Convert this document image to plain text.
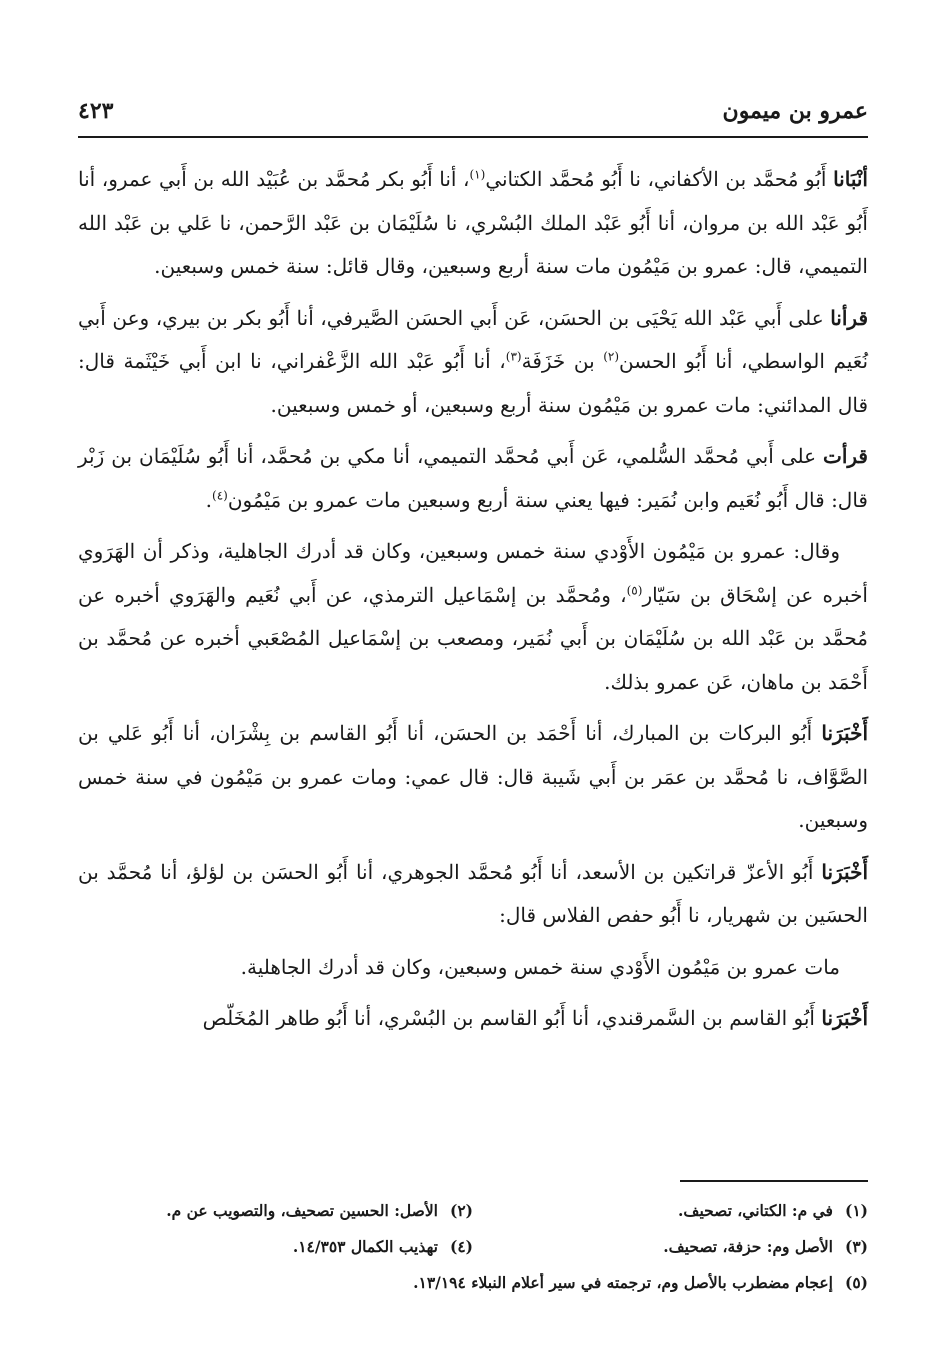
عمرو بن ميمون
٤٢٣

أنْبَانا أَبُو مُحمَّد بن الأكفاني، نا أَبُو مُحمَّد الكتاني$^{(١)}$، أنا أَبُو بكر مُحمَّد بن عُبَيْد الله بن أَبي عمرو، أنا أَبُو عَبْد الله بن مروان، أنا أَبُو عَبْد الملك البُسْري، نا سُلَيْمَان بن عَبْد الرَّحمن، نا عَلي بن عَبْد الله التميمي، قال: عمرو بن مَيْمُون مات سنة أربع وسبعين، وقال قائل: سنة خمس وسبعين.

قرأنا على أَبي عَبْد الله يَحْيَى بن الحسَن، عَن أَبي الحسَن الصَّيرفي، أنا أَبُو بكر بن بيري، وعن أَبي نُعَيم الواسطي، أنا أَبُو الحسن$^{(٢)}$ بن خَزَفَة$^{(٣)}$، أنا أَبُو عَبْد الله الزَّعْفراني، نا ابن أَبي خَيْثَمة قال: قال المدائني: مات عمرو بن مَيْمُون سنة أربع وسبعين، أو خمس وسبعين.

قرأت على أَبي مُحمَّد السُّلمي، عَن أَبي مُحمَّد التميمي، أنا مكي بن مُحمَّد، أنا أَبُو سُلَيْمَان بن زَبْر قال: قال أَبُو نُعَيم وابن نُمَير: فيها يعني سنة أربع وسبعين مات عمرو بن مَيْمُون$^{(٤)}$.

وقال: عمرو بن مَيْمُون الأَوْدي سنة خمس وسبعين، وكان قد أدرك الجاهلية، وذكر أن الهَرَوي أخبره عن إسْحَاق بن سَيّار$^{(٥)}$، ومُحمَّد بن إسْمَاعيل الترمذي، عن أَبي نُعَيم والهَرَوي أخبره عن مُحمَّد بن عَبْد الله بن سُلَيْمَان بن أَبي نُمَير، ومصعب بن إسْمَاعيل المُصْعَبي أخبره عن مُحمَّد بن أَحْمَد بن ماهان، عَن عمرو بذلك.

أَخْبَرَنا أَبُو البركات بن المبارك، أنا أَحْمَد بن الحسَن، أنا أَبُو القاسم بن بِشْرَان، أنا أَبُو عَلي بن الصَّوَّاف، نا مُحمَّد بن عمَر بن أَبي شَيبة قال: قال عمي: ومات عمرو بن مَيْمُون في سنة خمس وسبعين.

أَخْبَرَنا أَبُو الأعزّ قراتكين بن الأسعد، أنا أَبُو مُحمَّد الجوهري، أنا أَبُو الحسَن بن لؤلؤ، أنا مُحمَّد بن الحسَين بن شهريار، نا أَبُو حفص الفلاس قال:

مات عمرو بن مَيْمُون الأَوْدي سنة خمس وسبعين، وكان قد أدرك الجاهلية.

أَخْبَرَنا أَبُو القاسم بن السَّمرقندي، أنا أَبُو القاسم بن البُسْري، أنا أَبُو طاهر المُخَلّص

(١)في م: الكتاني، تصحيف.
(٢)الأصل: الحسين تصحيف، والتصويب عن م.
(٣)الأصل وم: حزفة، تصحيف.
(٤)تهذيب الكمال ١٤/٣٥٣.
(٥)إعجام مضطرب بالأصل وم، ترجمته في سير أعلام النبلاء ١٣/١٩٤.
